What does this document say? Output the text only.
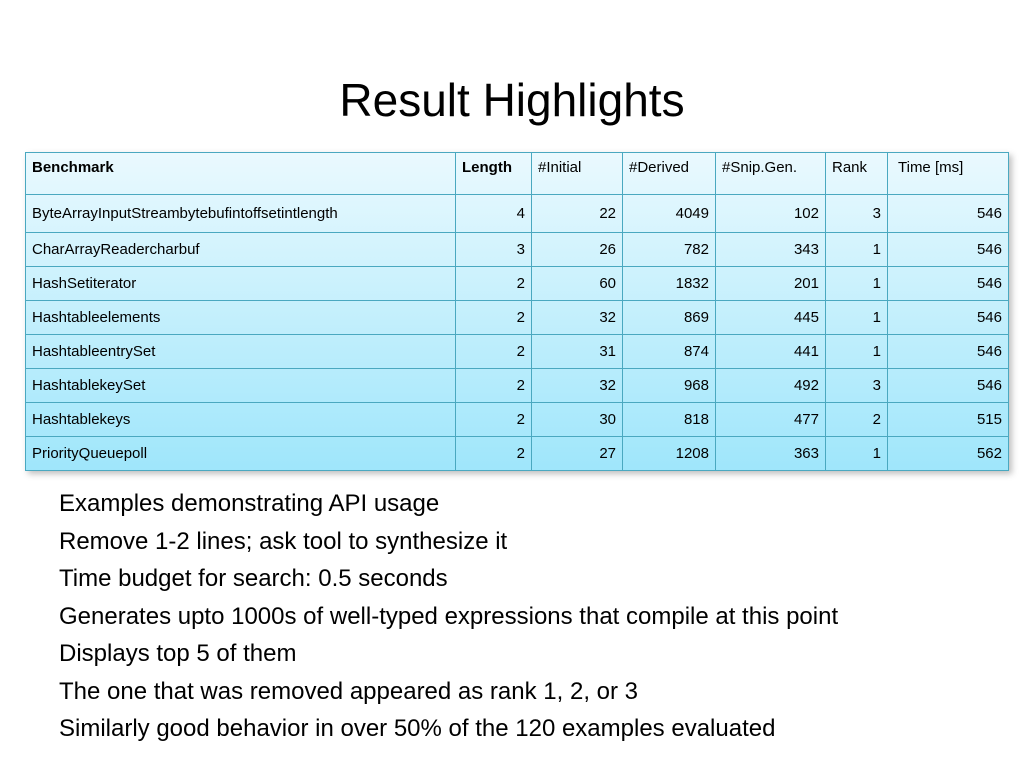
Result Highlights
Benchmark	Length	#Initial	#Derived	#Snip.Gen.	Rank	Time [ms]
ByteArrayInputStreambytebufintoffsetintlength	4	22	4049	102	3	546
CharArrayReadercharbuf	3	26	782	343	1	546
HashSetiterator	2	60	1832	201	1	546
Hashtableelements	2	32	869	445	1	546
HashtableentrySet	2	31	874	441	1	546
HashtablekeySet	2	32	968	492	3	546
Hashtablekeys	2	30	818	477	2	515
PriorityQueuepoll	2	27	1208	363	1	562
Examples demonstrating API usage
Remove 1-2 lines; ask tool to synthesize it
Time budget for search: 0.5 seconds
Generates upto 1000s of well-typed expressions that compile at this point
Displays top 5 of them
The one that was removed appeared as rank 1, 2, or 3
Similarly good behavior in over 50% of the 120 examples evaluated
